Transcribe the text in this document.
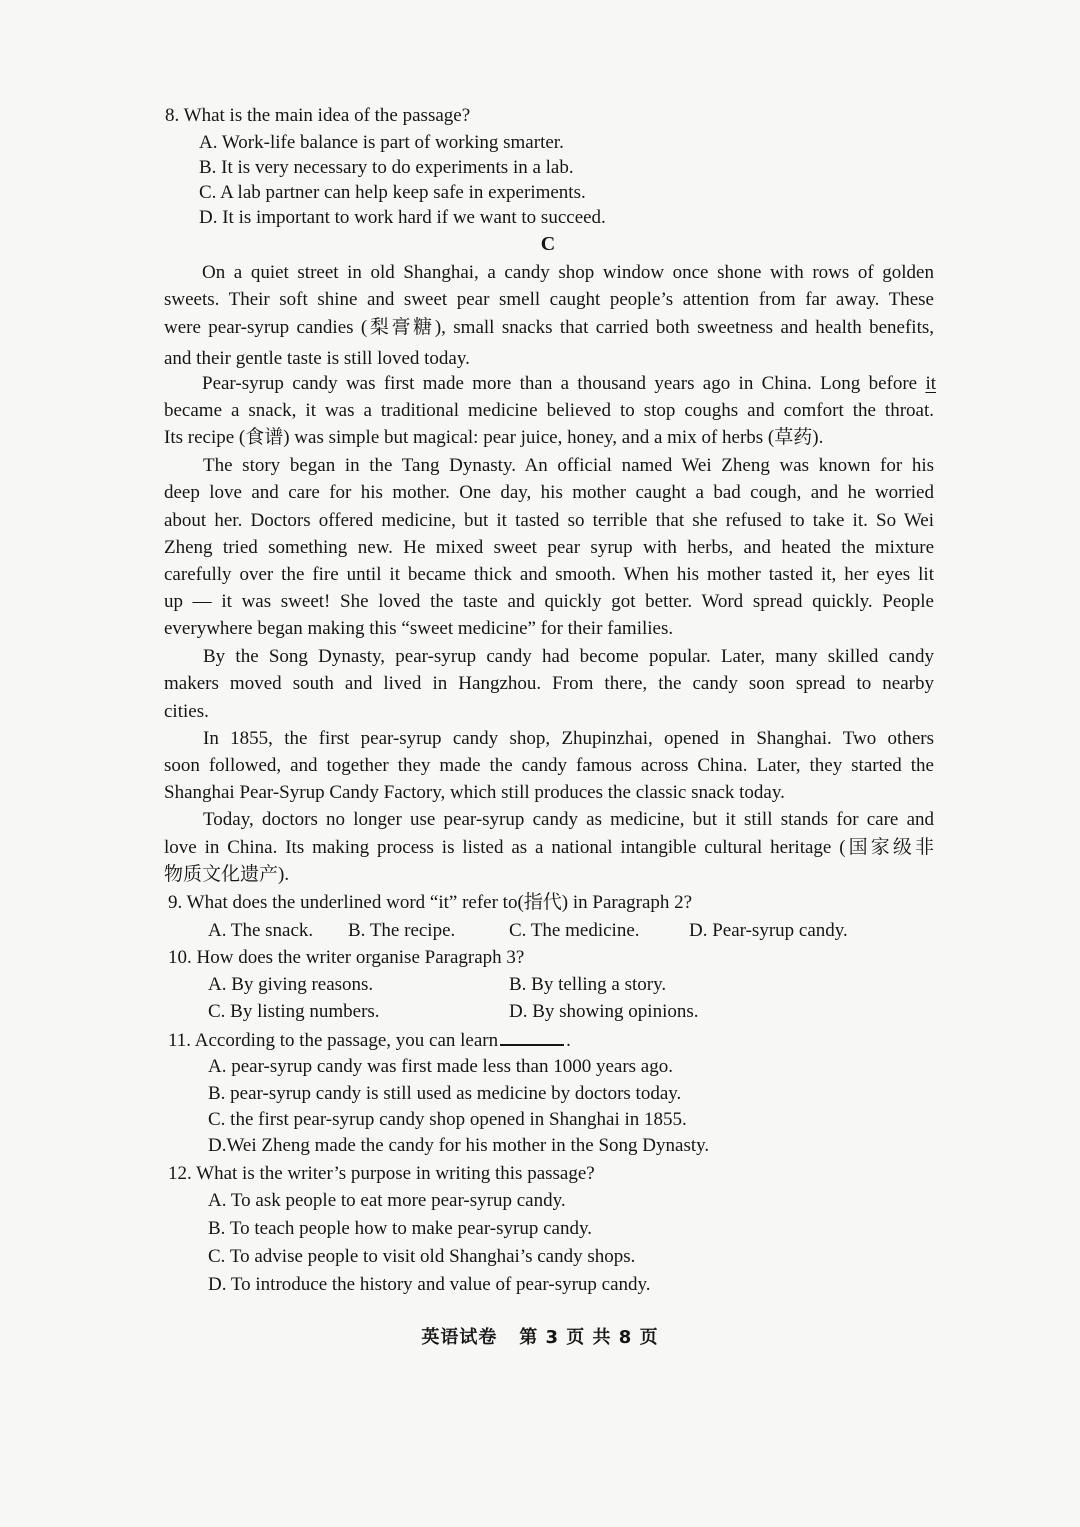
8. What is the main idea of the passage?
A. Work-life balance is part of working smarter.
B. It is very necessary to do experiments in a lab.
C. A lab partner can help keep safe in experiments.
D. It is important to work hard if we want to succeed.
C
On a quiet street in old Shanghai, a candy shop window once shone with rows of golden
sweets. Their soft shine and sweet pear smell caught people’s attention from far away. These
were pear-syrup candies (梨膏糖), small snacks that carried both sweetness and health benefits,
and their gentle taste is still loved today.
Pear-syrup candy was first made more than a thousand years ago in China. Long before it
became a snack, it was a traditional medicine believed to stop coughs and comfort the throat.
Its recipe (食谱) was simple but magical: pear juice, honey, and a mix of herbs (草药).
The story began in the Tang Dynasty. An official named Wei Zheng was known for his
deep love and care for his mother. One day, his mother caught a bad cough, and he worried
about her. Doctors offered medicine, but it tasted so terrible that she refused to take it. So Wei
Zheng tried something new. He mixed sweet pear syrup with herbs, and heated the mixture
carefully over the fire until it became thick and smooth. When his mother tasted it, her eyes lit
up — it was sweet! She loved the taste and quickly got better. Word spread quickly. People
everywhere began making this “sweet medicine” for their families.
By the Song Dynasty, pear-syrup candy had become popular. Later, many skilled candy
makers moved south and lived in Hangzhou. From there, the candy soon spread to nearby
cities.
In 1855, the first pear-syrup candy shop, Zhupinzhai, opened in Shanghai. Two others
soon followed, and together they made the candy famous across China. Later, they started the
Shanghai Pear-Syrup Candy Factory, which still produces the classic snack today.
Today, doctors no longer use pear-syrup candy as medicine, but it still stands for care and
love in China. Its making process is listed as a national intangible cultural heritage (国家级非
物质文化遗产).
9. What does the underlined word “it” refer to(指代) in Paragraph 2?
A. The snack. B. The recipe.	C. The medicine.	D. Pear-syrup candy.
10. How does the writer organise Paragraph 3?
A. By giving reasons.	B. By telling a story.
C. By listing numbers.	D. By showing opinions.
11. According to the passage, you can learn	.
A. pear-syrup candy was first made less than 1000 years ago.
B. pear-syrup candy is still used as medicine by doctors today.
C. the first pear-syrup candy shop opened in Shanghai in 1855.
D.Wei Zheng made the candy for his mother in the Song Dynasty.
12. What is the writer’s purpose in writing this passage?
A. To ask people to eat more pear-syrup candy.
B. To teach people how to make pear-syrup candy.
C. To advise people to visit old Shanghai’s candy shops.
D. To introduce the history and value of pear-syrup candy.
英语试卷   第 3 页 共 8 页
